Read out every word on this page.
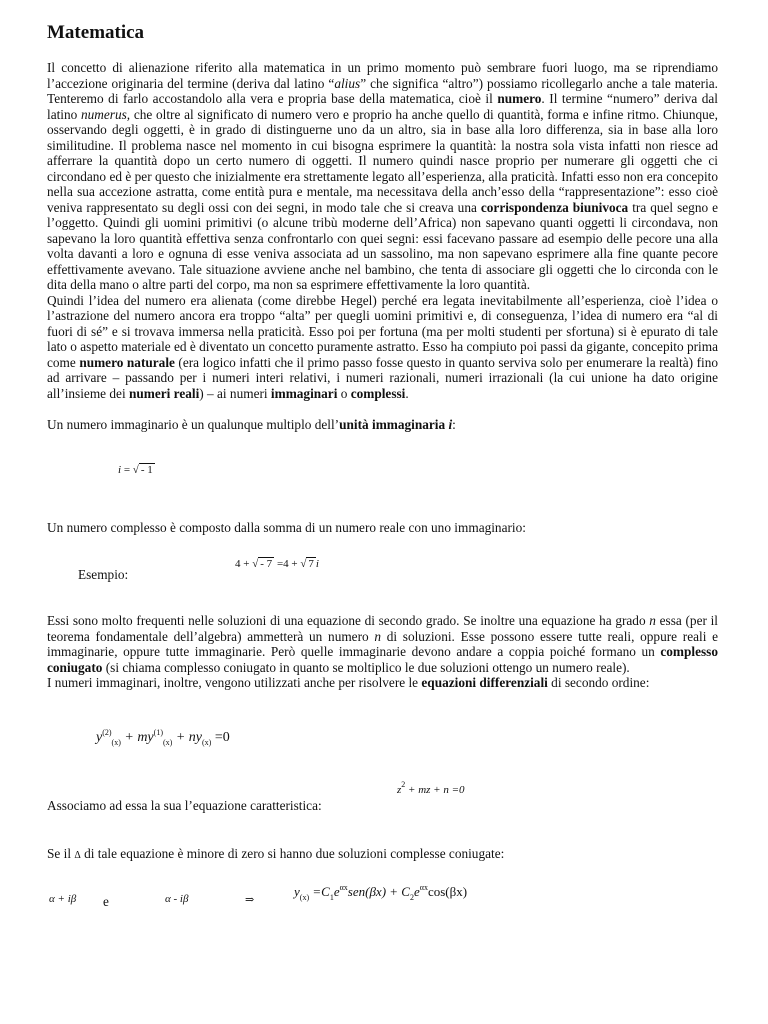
Matematica

Il concetto di alienazione riferito alla matematica in un primo momento può sembrare fuori luogo, ma se riprendiamo l’accezione originaria del termine (deriva dal latino “alius” che significa “altro”) possiamo ricollegarlo anche a tale materia. Tenteremo di farlo accostandolo alla vera e propria base della matematica, cioè il numero. Il termine “numero” deriva dal latino numerus, che oltre al significato di numero vero e proprio ha anche quello di quantità, forma e infine ritmo. Chiunque, osservando degli oggetti, è in grado di distinguerne uno da un altro, sia in base alla loro differenza, sia in base alla loro similitudine. Il problema nasce nel momento in cui bisogna esprimere la quantità: la nostra sola vista infatti non riesce ad afferrare la quantità dopo un certo numero di oggetti. Il numero quindi nasce proprio per numerare gli oggetti che ci circondano ed è per questo che inizialmente era strettamente legato all’esperienza, alla praticità. Infatti esso non era concepito nella sua accezione astratta, come entità pura e mentale, ma necessitava della anch’esso della “rappresentazione”: esso cioè veniva rappresentato su degli ossi con dei segni, in modo tale che si creava una corrispondenza biunivoca tra quel segno e l’oggetto. Quindi gli uomini primitivi (o alcune tribù moderne dell’Africa) non sapevano quanti oggetti li circondava, non sapevano la loro quantità effettiva senza confrontarlo con quei segni: essi facevano passare ad esempio delle pecore una alla volta davanti a loro e ognuna di esse veniva associata ad un sassolino, ma non sapevano esprimere alla fine quante pecore effettivamente avevano. Tale situazione avviene anche nel bambino, che tenta di associare gli oggetti che lo circonda con le dita della mano o altre parti del corpo, ma non sa esprimere effettivamente la loro quantità.

Quindi l’idea del numero era alienata (come direbbe Hegel) perché era legata inevitabilmente all’esperienza, cioè l’idea o l’astrazione del numero ancora era troppo “alta” per quegli uomini primitivi e, di conseguenza, l’idea di numero era “al di fuori di sé” e si trovava immersa nella praticità. Esso poi per fortuna (ma per molti studenti per sfortuna) si è epurato di tale lato o aspetto materiale ed è diventato un concetto puramente astratto. Esso ha compiuto poi passi da gigante, concepito prima come numero naturale (era logico infatti che il primo passo fosse questo in quanto serviva solo per enumerare la realtà) fino ad arrivare – passando per i numeri interi relativi, i numeri razionali, numeri irrazionali (la cui unione ha dato origine all’insieme dei numeri reali) – ai numeri immaginari o complessi.

Un numero immaginario è un qualunque multiplo dell’unità immaginaria i:

i = √ - 1

Un numero complesso è composto dalla somma di un numero reale con uno immaginario:

Esempio:
4 + √ - 7 =4 + √ 7 i

Essi sono molto frequenti nelle soluzioni di una equazione di secondo grado. Se inoltre una equazione ha grado n essa (per il teorema fondamentale dell’algebra) ammetterà un numero n di soluzioni. Esse possono essere tutte reali, oppure reali e immaginarie, oppure tutte immaginarie. Però quelle immaginarie devono andare a coppia poiché formano un complesso coniugato (si chiama complesso coniugato in quanto se moltiplico le due soluzioni ottengo un numero reale).

I numeri immaginari, inoltre, vengono utilizzati anche per risolvere le equazioni differenziali di secondo ordine:

$y^{(2)}_{(x)} + my^{(1)}_{(x)} + ny_{(x)} =0$
$z^2$ + mz + n =0

Associamo ad essa la sua l’equazione caratteristica:

Se il Δ di tale equazione è minore di zero si hanno due soluzioni complesse coniugate:

α + iβ e	α - iβ	⇒
$y_{(x)} =C_1e^{\alpha x}sen(\beta x) + C_2e^{\alpha x}\cos(\beta x)$
